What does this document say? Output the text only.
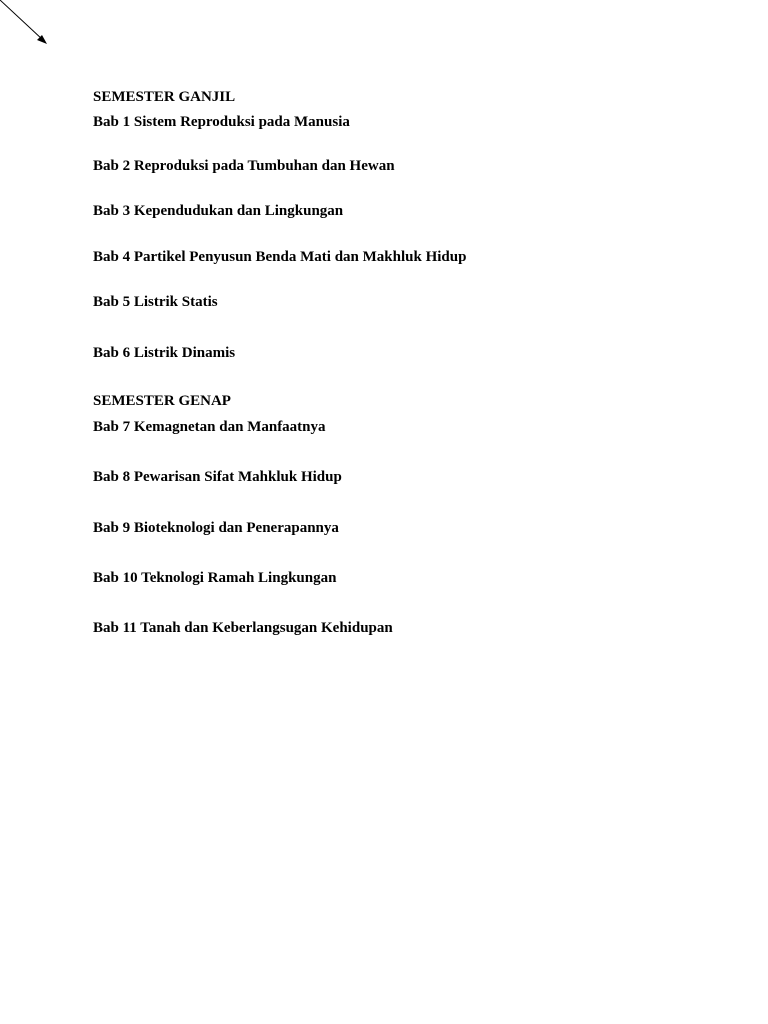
SEMESTER GANJIL
Bab 1 Sistem Reproduksi pada Manusia
Bab 2 Reproduksi pada Tumbuhan dan Hewan
Bab 3 Kependudukan dan Lingkungan
Bab 4 Partikel Penyusun Benda Mati dan Makhluk Hidup
Bab 5 Listrik Statis
Bab 6 Listrik Dinamis
SEMESTER GENAP
Bab 7 Kemagnetan dan Manfaatnya
Bab 8 Pewarisan Sifat Mahkluk Hidup
Bab 9 Bioteknologi dan Penerapannya
Bab 10 Teknologi Ramah Lingkungan
Bab 11 Tanah dan Keberlangsugan Kehidupan
